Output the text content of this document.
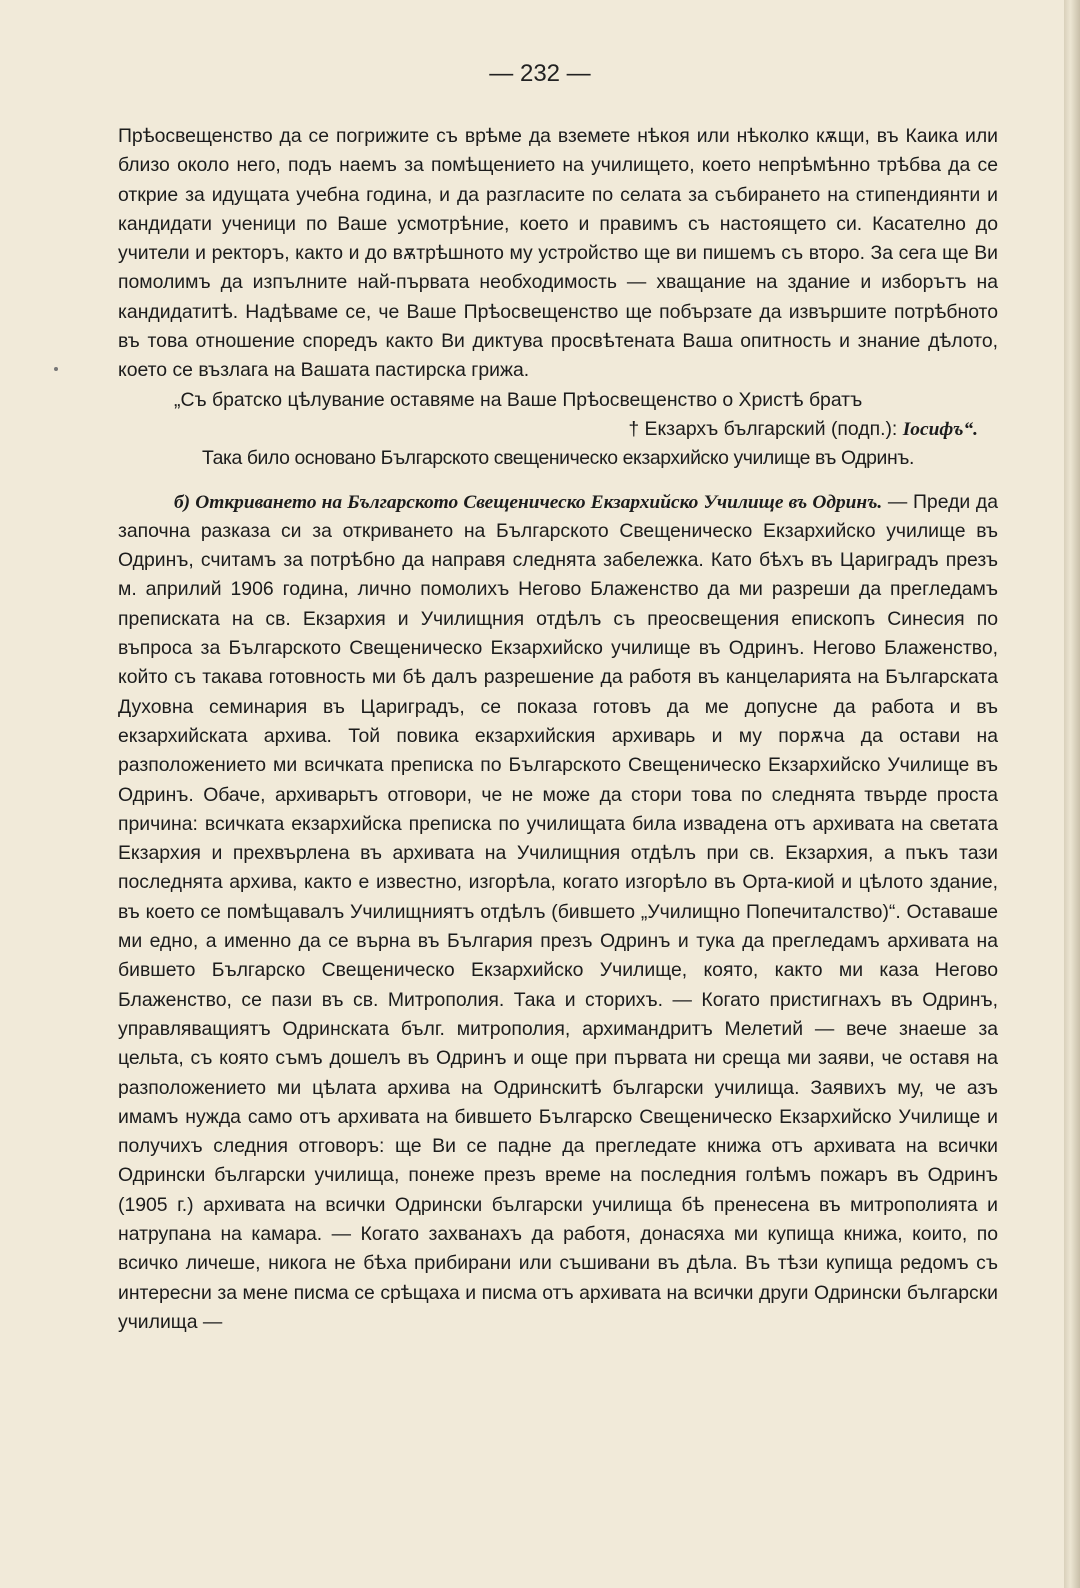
— 232 —

Прѣосвещенство да се погрижите съ врѣме да вземете нѣкоя или нѣколко кѫщи, въ Каика или близо около него, подъ наемъ за помѣщението на училището, което непрѣмѣнно трѣбва да се открие за идущата учебна година, и да разгласите по селата за събирането на стипендиянти и кандидати ученици по Ваше усмотрѣние, което и правимъ съ настоящето си. Касателно до учители и ректоръ, както и до вѫтрѣшното му устройство ще ви пишемъ съ второ. За сега ще Ви помолимъ да изпълните най-първата необходимость — хващание на здание и изборътъ на кандидатитѣ. Надѣваме се, че Ваше Прѣосвещенство ще побързате да извършите потрѣбното въ това отношение споредъ както Ви диктува просвѣтената Ваша опитность и знание дѣлото, което се възлага на Вашата пастирска грижа.

„Съ братско цѣлувание оставяме на Ваше Прѣосвещенство о Христѣ братъ

† Екзархъ българский (подп.): Iосифъ“.

Така било основано Българското свещеническо екзархийско училище въ Одринъ.

б) Откриването на Българското Свещеническо Екзархийско Училище въ Одринъ. — Преди да започна разказа си за откриването на Българското Свещеническо Екзархийско училище въ Одринъ, считамъ за потрѣбно да направя следнята забележка. Като бѣхъ въ Цариградъ презъ м. априлий 1906 година, лично помолихъ Негово Блаженство да ми разреши да прегледамъ преписката на св. Екзархия и Училищния отдѣлъ съ преосвещения епископъ Синесия по въпроса за Българското Свещеническо Екзархийско училище въ Одринъ. Негово Блаженство, който съ такава готовность ми бѣ далъ разрешение да работя въ канцеларията на Българската Духовна семинария въ Цариградъ, се показа готовъ да ме допусне да работа и въ екзархийската архива. Той повика екзархийския архиварь и му порѫча да остави на разположението ми всичката преписка по Българското Свещеническо Екзархийско Училище въ Одринъ. Обаче, архиварьтъ отговори, че не може да стори това по следнята твърде проста причина: всичката екзархийска преписка по училищата била извадена отъ архивата на светата Екзархия и прехвърлена въ архивата на Училищния отдѣлъ при св. Екзархия, а пъкъ тази последнята архива, както е известно, изгорѣла, когато изгорѣло въ Орта-киой и цѣлото здание, въ което се помѣщавалъ Училищниятъ отдѣлъ (бившето „Училищно Попечиталство)“. Оставаше ми едно, а именно да се върна въ България презъ Одринъ и тука да прегледамъ архивата на бившето Българско Свещеническо Екзархийско Училище, която, както ми каза Негово Блаженство, се пази въ св. Митрополия. Така и сторихъ. — Когато пристигнахъ въ Одринъ, управляващиятъ Одринската бълг. митрополия, архимандритъ Мелетий — вече знаеше за цельта, съ която съмъ дошелъ въ Одринъ и още при първата ни среща ми заяви, че оставя на разположението ми цѣлата архива на Одринскитѣ български училища. Заявихъ му, че азъ имамъ нужда само отъ архивата на бившето Българско Свещеническо Екзархийско Училище и получихъ следния отговоръ: ще Ви се падне да прегледате книжа отъ архивата на всички Одрински български училища, понеже презъ време на последния голѣмъ пожаръ въ Одринъ (1905 г.) архивата на всички Одрински български училища бѣ пренесена въ митрополията и натрупана на камара. — Когато захванахъ да работя, донасяха ми купища книжа, които, по всичко личеше, никога не бѣха прибирани или съшивани въ дѣла. Въ тѣзи купища редомъ съ интересни за мене писма се срѣщаха и писма отъ архивата на всички други Одрински български училища —
